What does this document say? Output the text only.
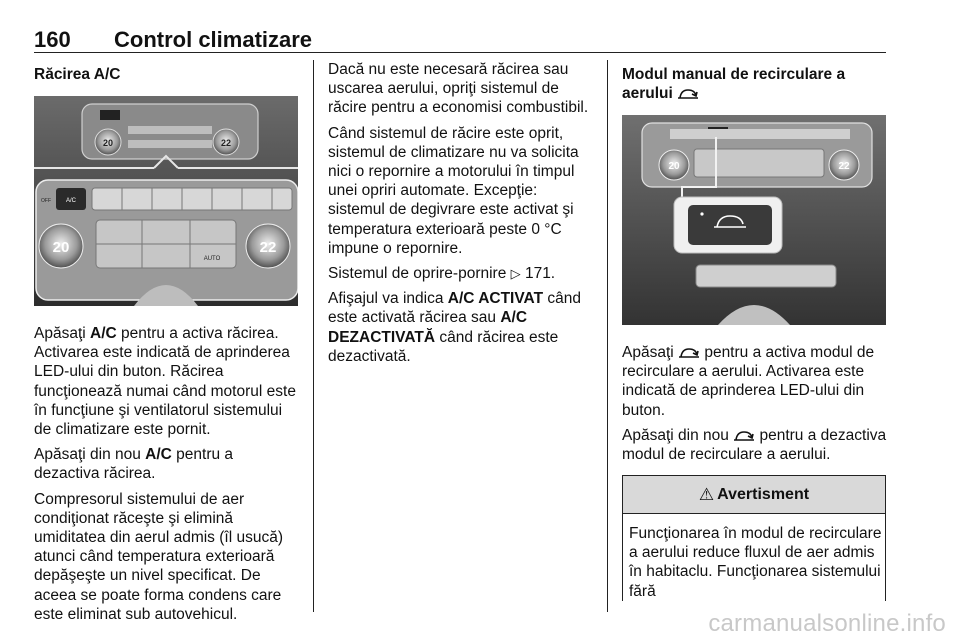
160 Control climatizare
Răcirea A/C
20	22
A/C
OFF
20	22
AUTO

Apăsaţi A/C pentru a activa răcirea. Activarea este indicată de aprinderea LED-ului din buton. Răcirea funcţionează numai când motorul este în funcţiune şi ventilatorul sistemului de climatizare este pornit.

Apăsaţi din nou A/C pentru a dezactiva răcirea.

Compresorul sistemului de aer condiţionat răceşte şi elimină umiditatea din aerul admis (îl usucă) atunci când temperatura exterioară depăşeşte un nivel specificat. De aceea se poate forma condens care este eliminat sub autovehicul.

Dacă nu este necesară răcirea sau uscarea aerului, opriţi sistemul de răcire pentru a economisi combustibil.

Când sistemul de răcire este oprit, sistemul de climatizare nu va solicita nici o repornire a motorului în timpul unei opriri automate. Excepţie: sistemul de degivrare este activat şi temperatura exterioară peste 0 °C impune o repornire.

Sistemul de oprire-pornire ▷ 171.

Afişajul va indica A/C ACTIVAT când este activată răcirea sau A/C DEZACTIVATĂ când răcirea este dezactivată.

Modul manual de recirculare a aerului
20	22

Apăsaţi  pentru a activa modul de recirculare a aerului. Activarea este indicată de aprinderea LED-ului din buton.

Apăsaţi din nou  pentru a dezactiva modul de recirculare a aerului.

⚠ Avertisment
Funcţionarea în modul de recirculare a aerului reduce fluxul de aer admis în habitaclu. Funcţionarea sistemului fără
carmanualsonline.info
